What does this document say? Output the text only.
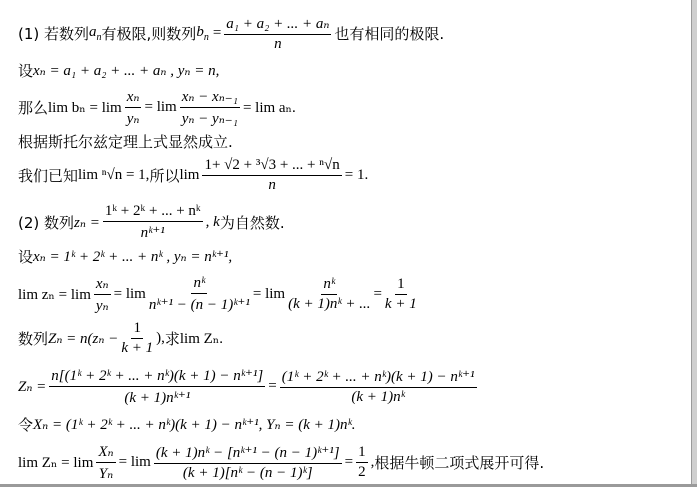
(1) 若数列 $a_n$ 有极限,则数列 $b_n = \frac{\text{a₁ + a₂ + ... + aₙ}}{n}$ 也有相同的极限.
设 xₙ = a₁ + a₂ + ... + aₙ , yₙ = n,
那么 $\lim b_n = \lim \frac{\text{xₙ}}{\text{yₙ}} = \lim \frac{\text{xₙ − xₙ₋₁}}{\text{yₙ − yₙ₋₁}} = \lim a_n$.
根据斯托尔兹定理上式显然成立.
我们已知 lim ⁿ√n = 1, 所以 $\lim \frac{\text{1+ √2 + ³√3 + ... + ⁿ√n}}{n} = 1$.
(2) 数列 $z_n = \frac{\text{1ᵏ + 2ᵏ + ... + nᵏ}}{\text{nᵏ⁺¹}}$ , k 为自然数.
设 xₙ = 1ᵏ + 2ᵏ + ... + nᵏ , yₙ = nᵏ⁺¹,
$\lim z_n = \lim \frac{\text{xₙ}}{\text{yₙ}} = \lim \frac{\text{nᵏ}}{\text{nᵏ⁺¹ − (n − 1)ᵏ⁺¹}} = \lim \frac{\text{nᵏ}}{\text{(k + 1)nᵏ + ...}} = \frac{1}{k + 1}$
数列 $Z_n = n(z_n - \frac{1}{k + 1}$ ), 求 lim Zₙ.
$Z_n = \frac{\text{n[(1ᵏ + 2ᵏ + ... + nᵏ)(k + 1) − nᵏ⁺¹]}}{\text{(k + 1)nᵏ⁺¹}} = \frac{\text{(1ᵏ + 2ᵏ + ... + nᵏ)(k + 1) − nᵏ⁺¹}}{\text{(k + 1)nᵏ}}$
令 Xₙ = (1ᵏ + 2ᵏ + ... + nᵏ)(k + 1) − nᵏ⁺¹, Yₙ = (k + 1)nᵏ.
$\lim Z_n = \lim \frac{\text{Xₙ}}{\text{Yₙ}} = \lim \frac{\text{(k + 1)nᵏ − [nᵏ⁺¹ − (n − 1)ᵏ⁺¹]}}{\text{(k + 1)[nᵏ − (n − 1)ᵏ]}} = \frac{1}{2}$ , 根据牛顿二项式展开可得.
